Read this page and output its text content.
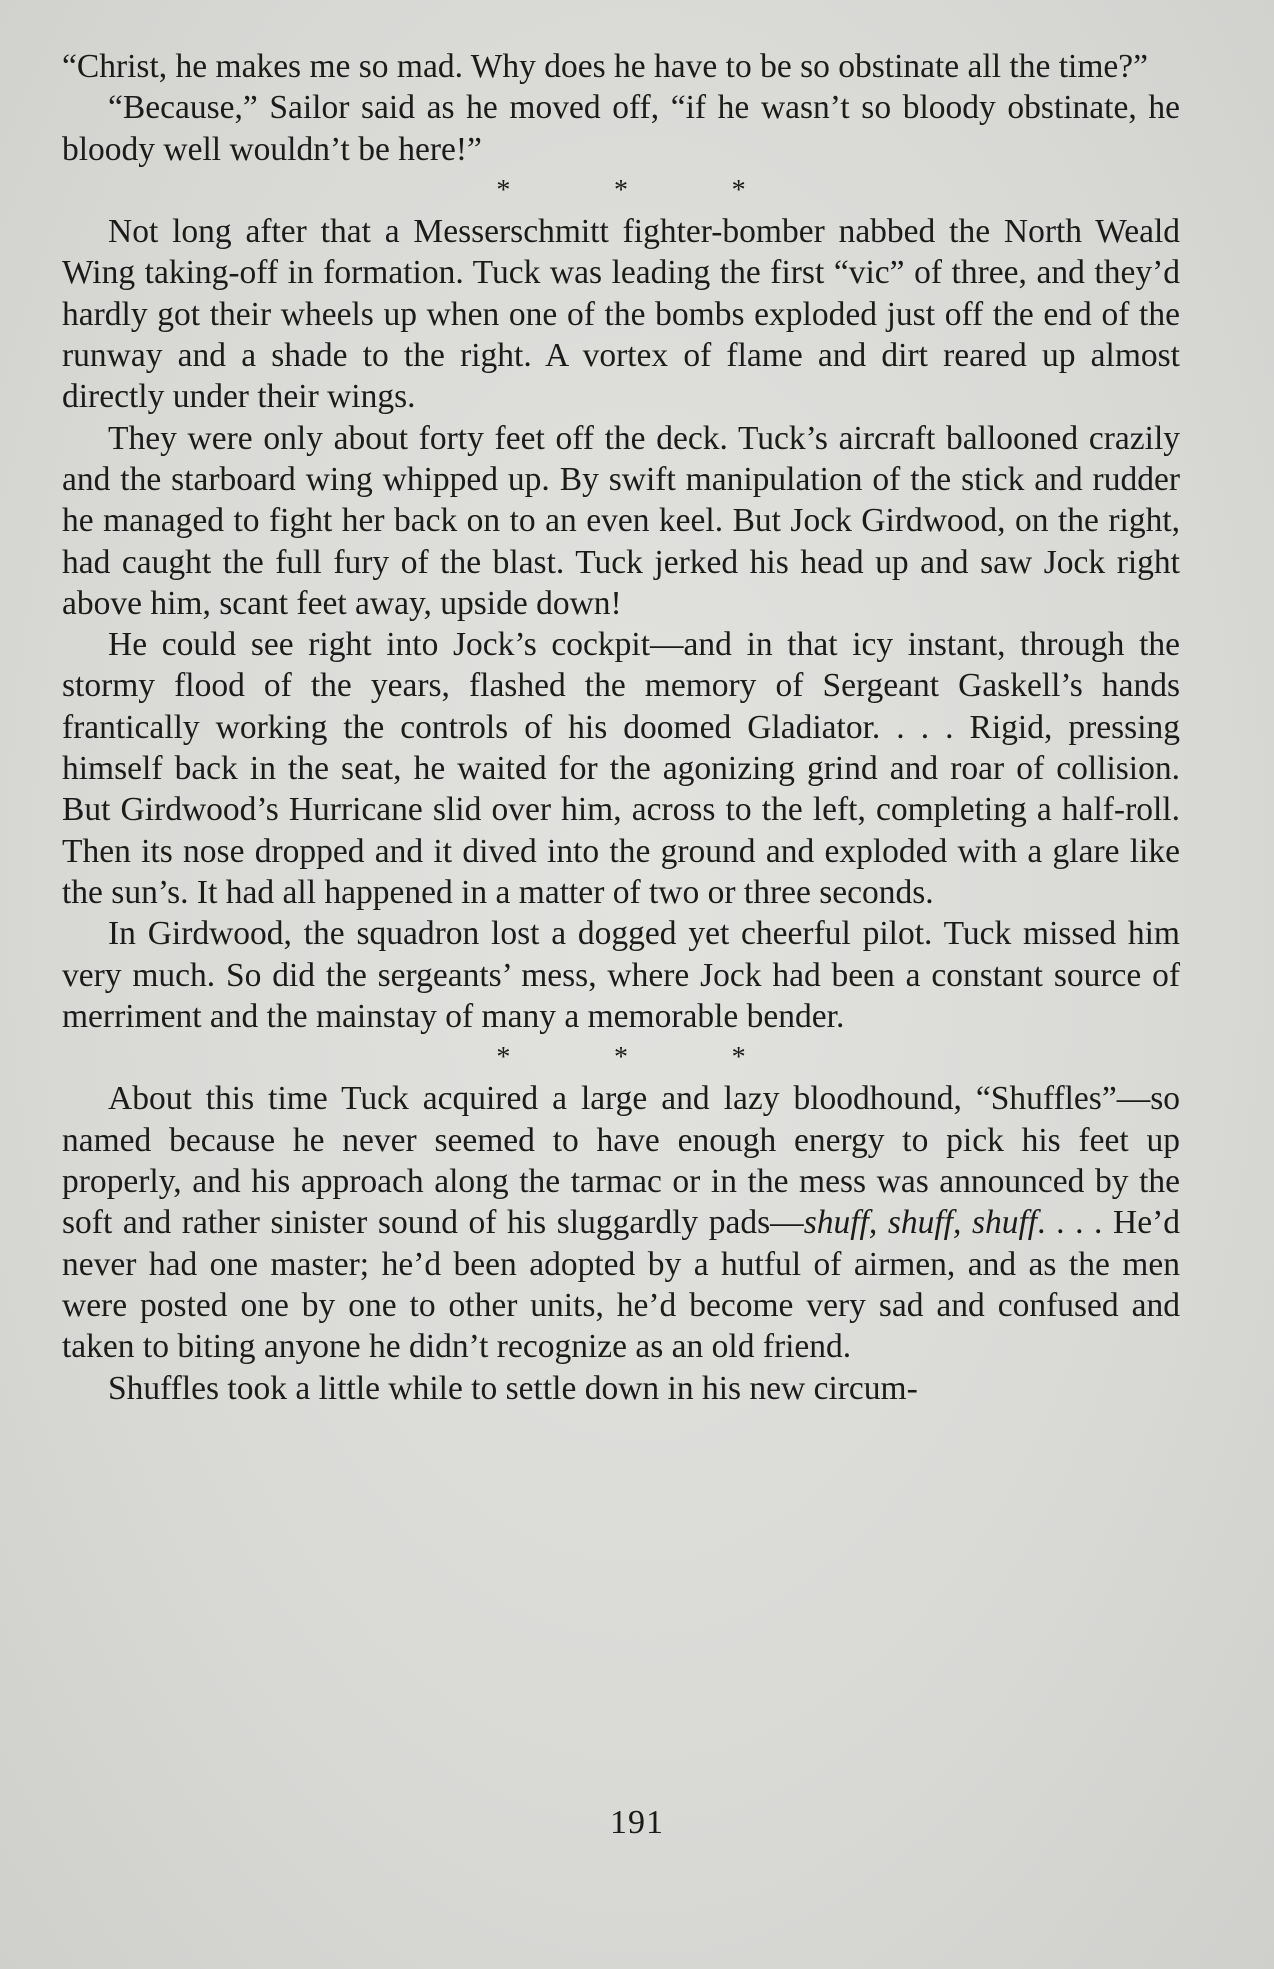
“Christ, he makes me so mad. Why does he have to be so obstinate all the time?”

“Because,” Sailor said as he moved off, “if he wasn’t so bloody obstinate, he bloody well wouldn’t be here!”

*	*	*

Not long after that a Messerschmitt fighter-bomber nabbed the North Weald Wing taking-off in formation. Tuck was leading the first “vic” of three, and they’d hardly got their wheels up when one of the bombs exploded just off the end of the runway and a shade to the right. A vortex of flame and dirt reared up almost directly under their wings.

They were only about forty feet off the deck. Tuck’s aircraft ballooned crazily and the starboard wing whipped up. By swift manipulation of the stick and rudder he managed to fight her back on to an even keel. But Jock Girdwood, on the right, had caught the full fury of the blast. Tuck jerked his head up and saw Jock right above him, scant feet away, upside down!

He could see right into Jock’s cockpit—and in that icy instant, through the stormy flood of the years, flashed the memory of Sergeant Gaskell’s hands frantically working the controls of his doomed Gladiator. . . . Rigid, pressing himself back in the seat, he waited for the agonizing grind and roar of collision. But Girdwood’s Hurricane slid over him, across to the left, completing a half-roll. Then its nose dropped and it dived into the ground and exploded with a glare like the sun’s. It had all happened in a matter of two or three seconds.

In Girdwood, the squadron lost a dogged yet cheerful pilot. Tuck missed him very much. So did the sergeants’ mess, where Jock had been a constant source of merriment and the mainstay of many a memorable bender.

*	*	*

About this time Tuck acquired a large and lazy bloodhound, “Shuffles”—so named because he never seemed to have enough energy to pick his feet up properly, and his approach along the tarmac or in the mess was announced by the soft and rather sinister sound of his sluggardly pads—shuff, shuff, shuff. . . . He’d never had one master; he’d been adopted by a hutful of airmen, and as the men were posted one by one to other units, he’d become very sad and confused and taken to biting anyone he didn’t recognize as an old friend.

Shuffles took a little while to settle down in his new circum-

191
